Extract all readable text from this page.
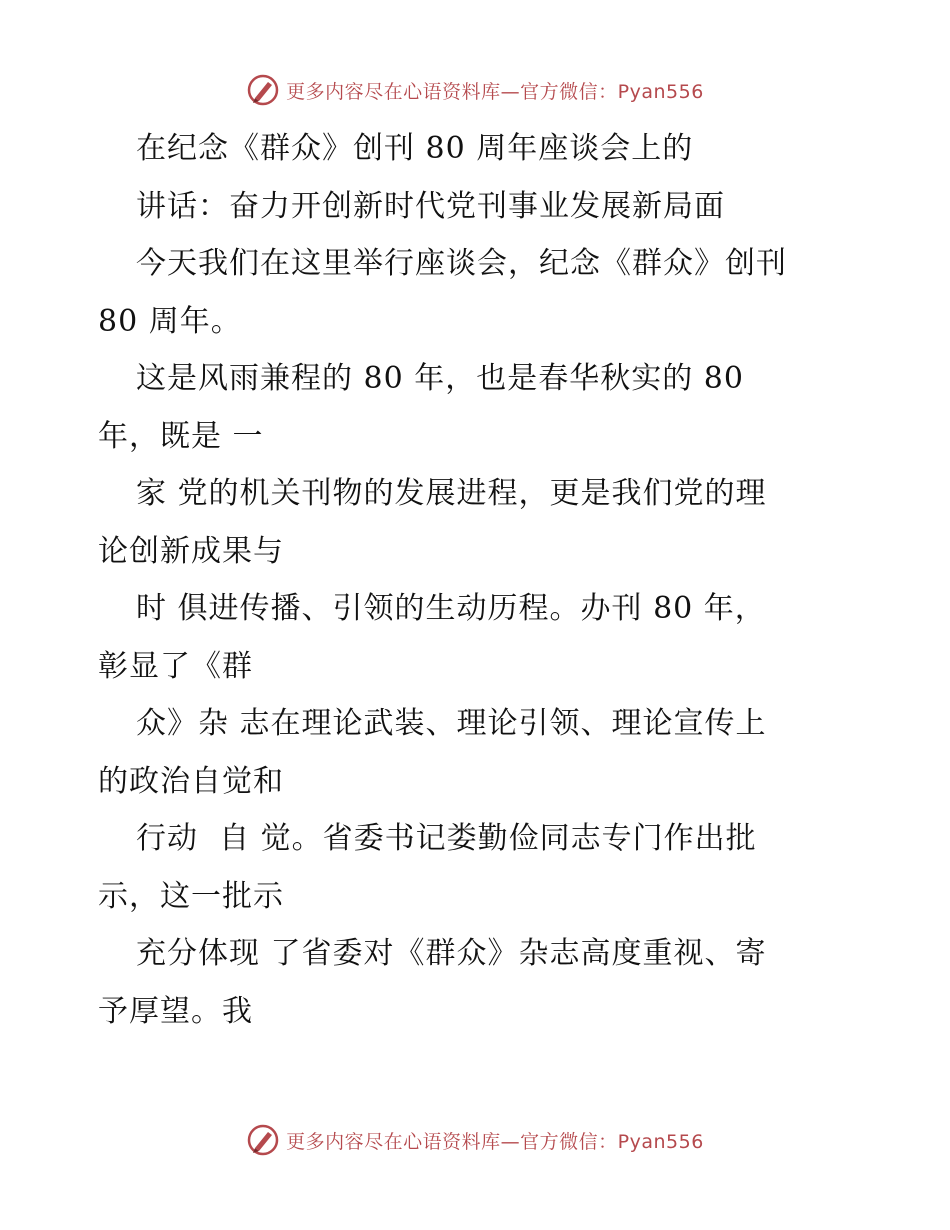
更多内容尽在心语资料库—官方微信：Pyan556
在纪念《群众》创刊 80 周年座谈会上的
讲话：奋力开创新时代党刊事业发展新局面
今天我们在这里举行座谈会，纪念《群众》创刊
80 周年。
这是风雨兼程的 80 年，也是春华秋实的 80
年，既是 一
家 党的机关刊物的发展进程，更是我们党的理
论创新成果与
时 俱进传播、引领的生动历程。办刊 80 年，
彰显了《群
众》杂 志在理论武装、理论引领、理论宣传上
的政治自觉和
行动  自 觉。省委书记娄勤俭同志专门作出批
示，这一批示
充分体现 了省委对《群众》杂志高度重视、寄
予厚望。我
更多内容尽在心语资料库—官方微信：Pyan556
